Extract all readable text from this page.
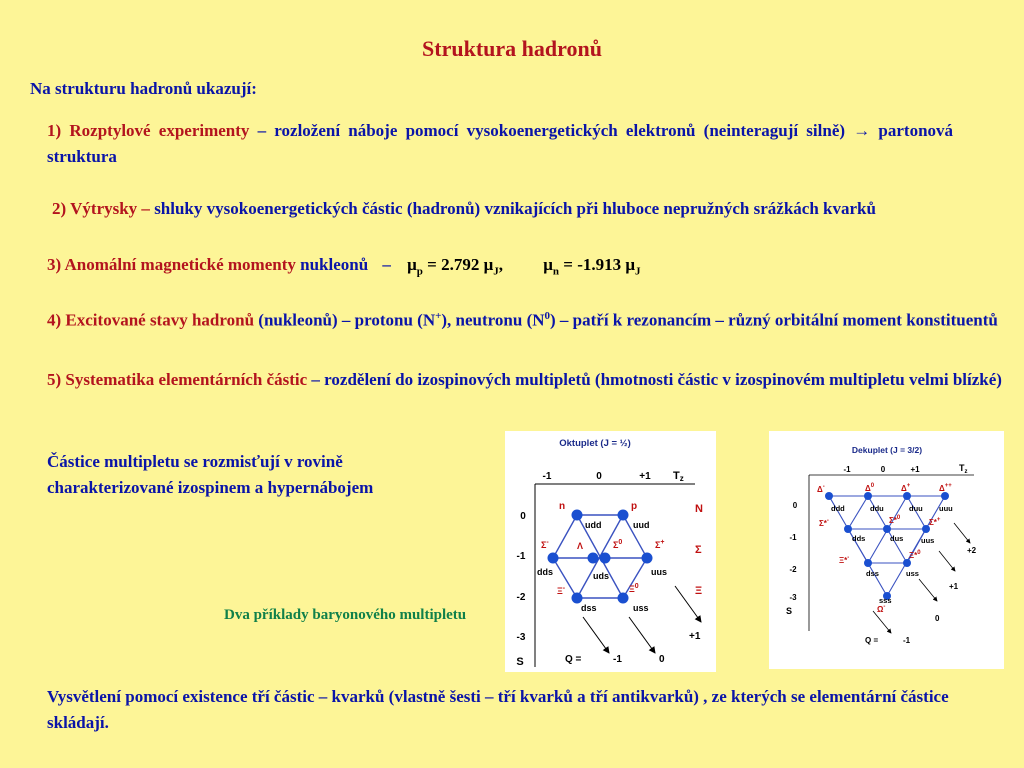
Struktura hadronů
Na strukturu hadronů ukazují:
1) Rozptylové experimenty – rozložení náboje pomocí vysokoenergetických elektronů (neinteragují silně) → partonová struktura
2) Výtrysky – shluky vysokoenergetických částic (hadronů) vznikajících při hluboce nepružných srážkách kvarků
3) Anomální magnetické momenty nukleonů – $\mu_p = 2.792$ $\mu_J$, $\mu_n = -1.913$ $\mu_J$
4) Excitované stavy hadronů (nukleonů) – protonu (N+), neutronu $(N^0)$ – patří k rezonancím – různý orbitální moment konstituentů
5) Systematika elementárních částic – rozdělení do izospinových multipletů (hmotnosti částic v izospinovém multipletu velmi blízké)
Částice multipletu se rozmisťují v rovině charakterizované izospinem a hypernábojem
Dva příklady baryonového multipletu
Vysvětlení pomocí existence tří částic – kvarků (vlastně šesti – tří kvarků a tří antikvarků) , ze kterých se elementární částice skládají.
Oktuplet (J = ½)
-1	0	+1 Tz
0
-1
-2
-3
S
n	p
udd	uud
Σ-	Λ	$\Sigma^0$	Σ+
dds	uds	uus
Ξ-	$\Xi^0$
dss	uss
N
Σ
Ξ
Q =	-1	0
+1
Dekuplet (J = 3/2)
-1	0	+1	$T_z$
0
-1
-2
-3
S
Δ-	$\Delta^0$	Δ+	Δ++
Σ*-	Σ*$^0$	Σ*+
Ξ*-	Ξ*$^0$
Ω-
ddd	ddu	duu uuu
dds	dus uus
dss	uss
sss
Q =	-1
0
+1
+2
